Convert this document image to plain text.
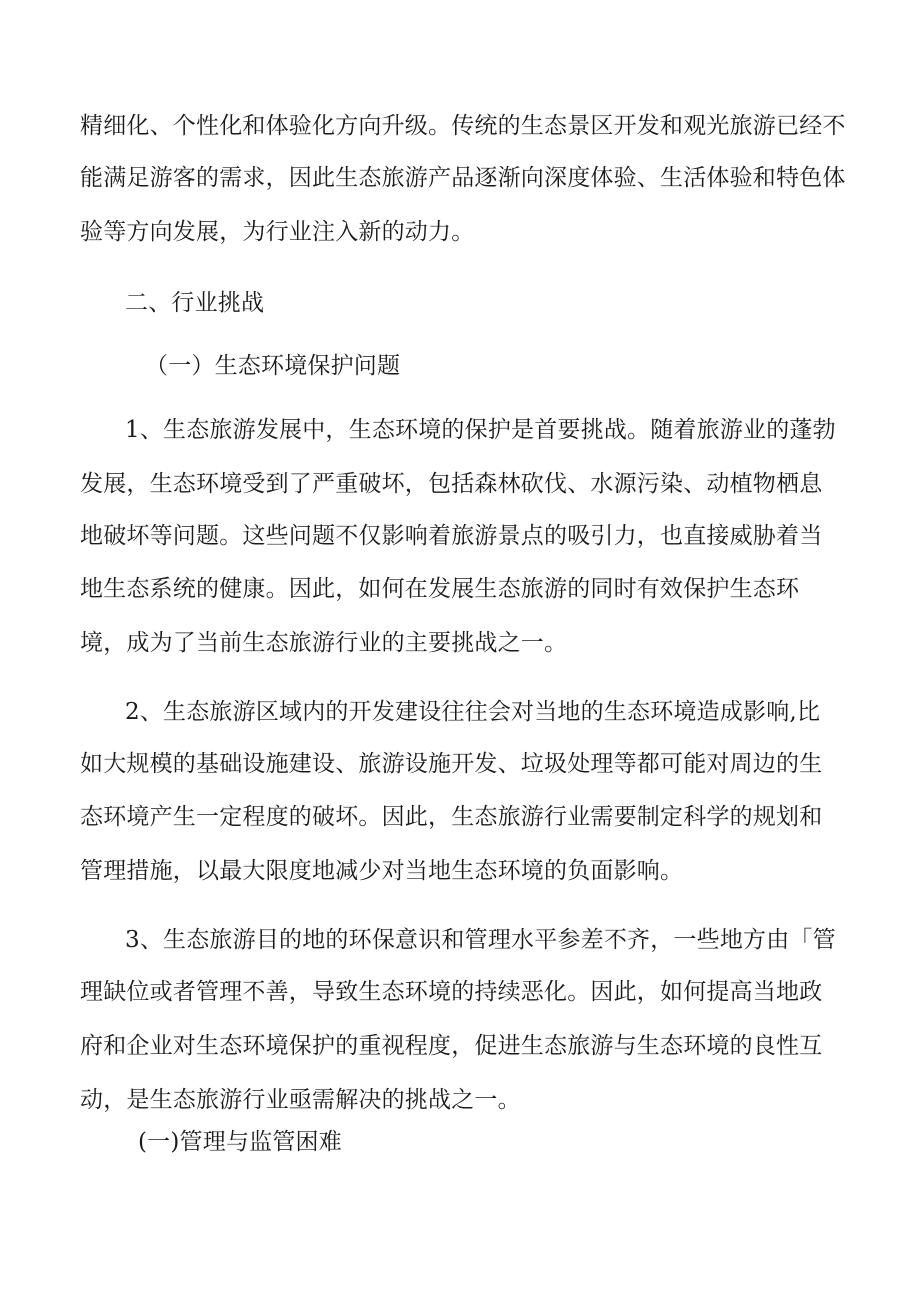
精细化、个性化和体验化方向升级。传统的生态景区开发和观光旅游已经不
能满足游客的需求，因此生态旅游产品逐渐向深度体验、生活体验和特色体
验等方向发展，为行业注入新的动力。
二、行业挑战
（一）生态环境保护问题
1、生态旅游发展中，生态环境的保护是首要挑战。随着旅游业的蓬勃
发展，生态环境受到了严重破坏，包括森林砍伐、水源污染、动植物栖息
地破坏等问题。这些问题不仅影响着旅游景点的吸引力，也直接威胁着当
地生态系统的健康。因此，如何在发展生态旅游的同时有效保护生态环
境，成为了当前生态旅游行业的主要挑战之一。
2、生态旅游区域内的开发建设往往会对当地的生态环境造成影响,比
如大规模的基础设施建设、旅游设施开发、垃圾处理等都可能对周边的生
态环境产生一定程度的破坏。因此，生态旅游行业需要制定科学的规划和
管理措施，以最大限度地减少对当地生态环境的负面影响。
3、生态旅游目的地的环保意识和管理水平参差不齐，一些地方由「管
理缺位或者管理不善，导致生态环境的持续恶化。因此，如何提高当地政
府和企业对生态环境保护的重视程度，促进生态旅游与生态环境的良性互
动，是生态旅游行业亟需解决的挑战之一。
(一)管理与监管困难
